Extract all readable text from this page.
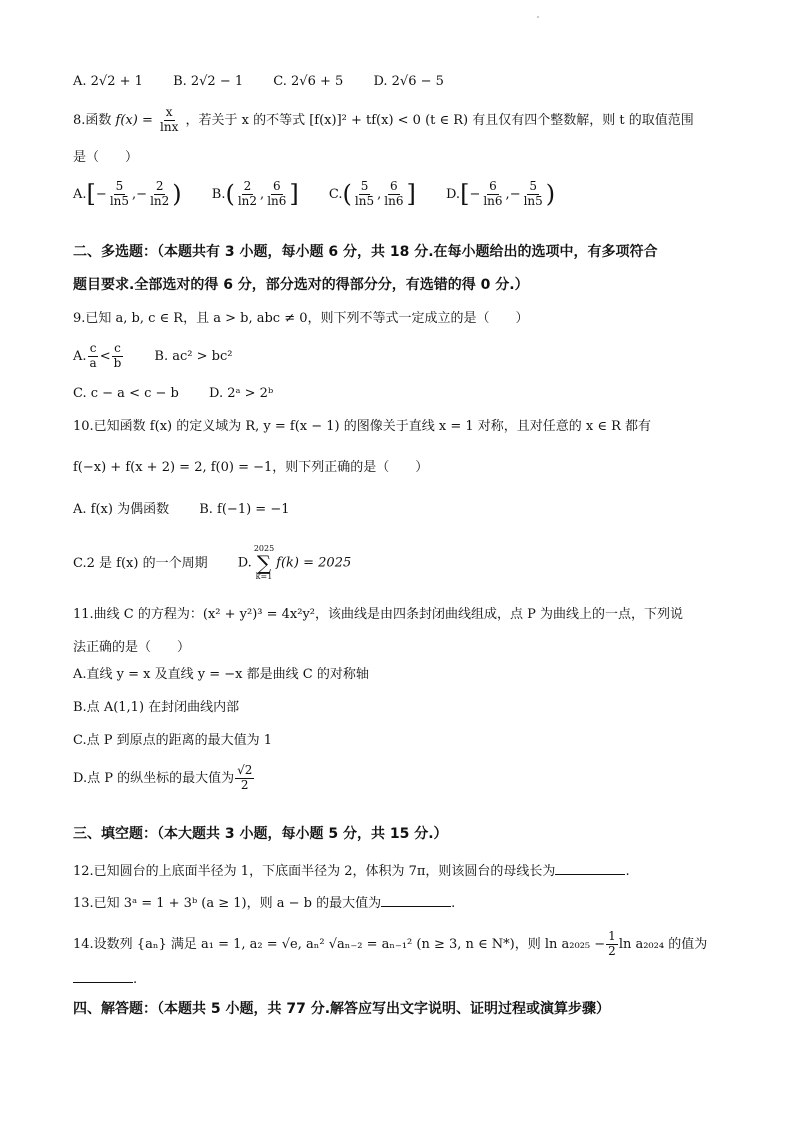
A. 2√2 + 1 B. 2√2 − 1 C. 2√6 + 5 D. 2√6 − 5
8.函数 $f(x) = \frac{x}{\ln x}$ ，若关于 x 的不等式 [f(x)]² + tf(x) < 0 (t ∈ R) 有且仅有四个整数解，则 t 的取值范围
是（　　）
$A.[- \frac{5}{\ln 5}$ ,− $\frac{2}{\ln 2}$ ) $B.( \frac{2}{\ln 2}$ , $\frac{6}{\ln 6}$ ] $C.( \frac{5}{\ln 5}$ , $\frac{6}{\ln 6}$ ] $D.[- \frac{6}{\ln 6}$ ,− $\frac{5}{\ln 5}$ )
二、多选题：（本题共有 3 小题，每小题 6 分，共 18 分.在每小题给出的选项中，有多项符合
题目要求.全部选对的得 6 分，部分选对的得部分分，有选错的得 0 分.）
9.已知 a, b, c ∈ R，且 a > b, abc ≠ 0，则下列不等式一定成立的是（　　）
A. $\frac{c}{a} < \frac{c}{b} B$. ac² > bc²
C. c − a < c − b D. 2ᵃ > 2ᵇ
10.已知函数 f(x) 的定义域为 R, y = f(x − 1) 的图像关于直线 x = 1 对称，且对任意的 x ∈ R 都有
f(−x) + f(x + 2) = 2, f(0) = −1，则下列正确的是（　　）
A. f(x) 为偶函数 B. f(−1) = −1
C.2 是 f(x) 的一个周期 D.
2025
∑
k=1
f(k) = 2025
11.曲线 C 的方程为：(x² + y²)³ = 4x²y²，该曲线是由四条封闭曲线组成，点 P 为曲线上的一点，下列说
法正确的是（　　）
A.直线 y = x 及直线 y = −x 都是曲线 C 的对称轴
B.点 A(1,1) 在封闭曲线内部
C.点 P 到原点的距离的最大值为 1
D.点 P 的纵坐标的最大值为 $\frac{√2}{2}$
三、填空题：（本大题共 3 小题，每小题 5 分，共 15 分.）
12.已知圆台的上底面半径为 1，下底面半径为 2，体积为 7π，则该圆台的母线长为	.
13.已知 3ᵃ = 1 + 3ᵇ (a ≥ 1)，则 a − b 的最大值为	.
14.设数列 {aₙ} 满足 a₁ = 1, a₂ = √e, aₙ² √aₙ₋₂ = aₙ₋₁² (n ≥ 3, n ∈ N*)，则 $\ln a_{2025} - \frac{1}{2}$ ln a₂₀₂₄ 的值为
.
四、解答题：（本题共 5 小题，共 77 分.解答应写出文字说明、证明过程或演算步骤）
